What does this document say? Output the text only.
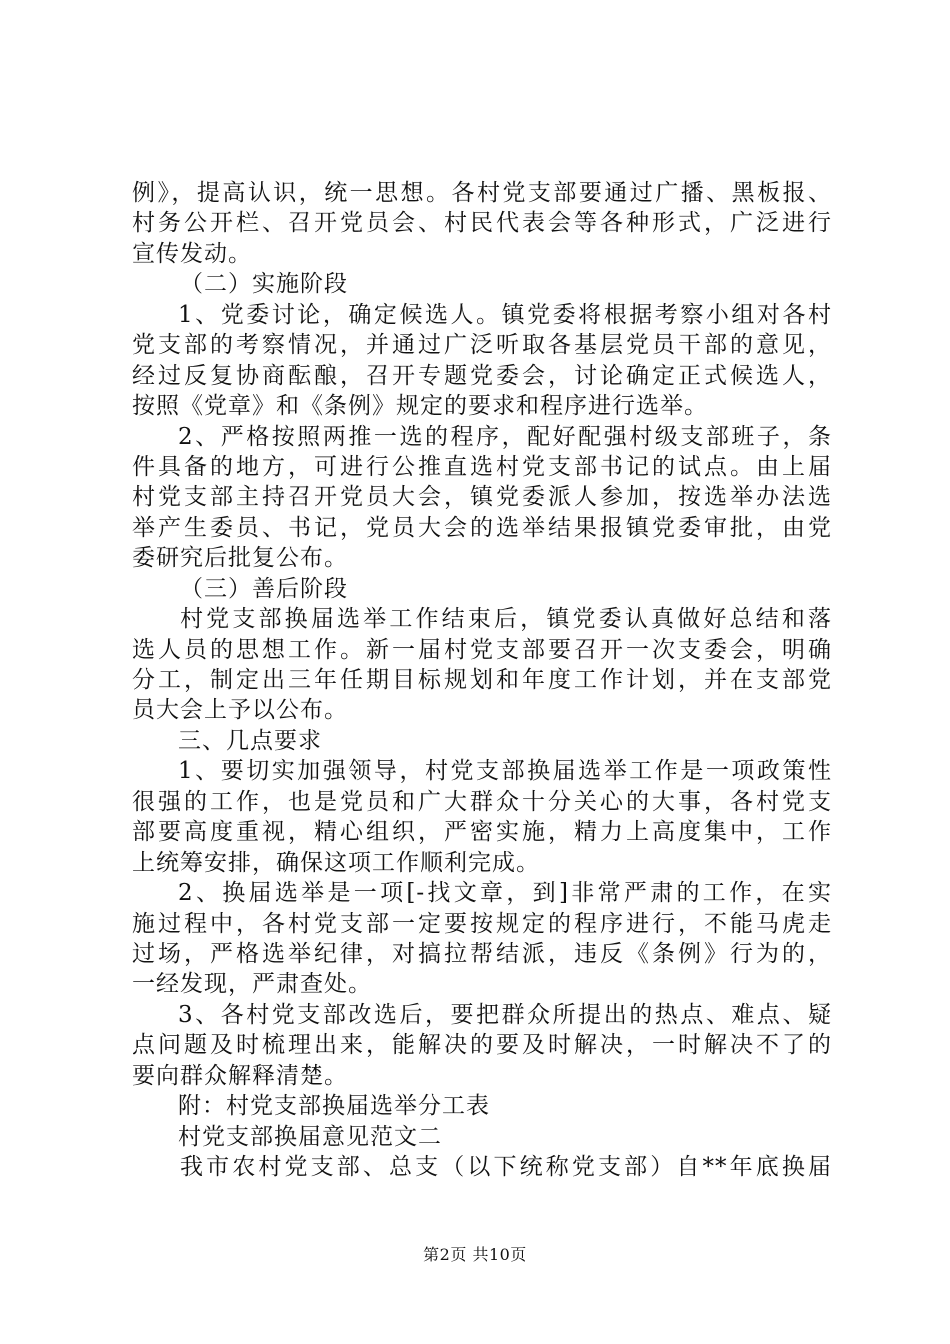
例》，提高认识，统一思想。各村党支部要通过广播、黑板报、
村务公开栏、召开党员会、村民代表会等各种形式，广泛进行
宣传发动。
（二）实施阶段
1、党委讨论，确定候选人。镇党委将根据考察小组对各村
党支部的考察情况，并通过广泛听取各基层党员干部的意见，
经过反复协商酝酿，召开专题党委会，讨论确定正式候选人，
按照《党章》和《条例》规定的要求和程序进行选举。
2、严格按照两推一选的程序，配好配强村级支部班子，条
件具备的地方，可进行公推直选村党支部书记的试点。由上届
村党支部主持召开党员大会，镇党委派人参加，按选举办法选
举产生委员、书记，党员大会的选举结果报镇党委审批，由党
委研究后批复公布。
（三）善后阶段
村党支部换届选举工作结束后，镇党委认真做好总结和落
选人员的思想工作。新一届村党支部要召开一次支委会，明确
分工，制定出三年任期目标规划和年度工作计划，并在支部党
员大会上予以公布。
三、几点要求
1、要切实加强领导，村党支部换届选举工作是一项政策性
很强的工作，也是党员和广大群众十分关心的大事，各村党支
部要高度重视，精心组织，严密实施，精力上高度集中，工作
上统筹安排，确保这项工作顺利完成。
2、换届选举是一项[-找文章，到]非常严肃的工作，在实
施过程中，各村党支部一定要按规定的程序进行，不能马虎走
过场，严格选举纪律，对搞拉帮结派，违反《条例》行为的，
一经发现，严肃查处。
3、各村党支部改选后，要把群众所提出的热点、难点、疑
点问题及时梳理出来，能解决的要及时解决，一时解决不了的
要向群众解释清楚。
附：村党支部换届选举分工表
村党支部换届意见范文二
我市农村党支部、总支（以下统称党支部）自**年底换届
第2页 共10页
